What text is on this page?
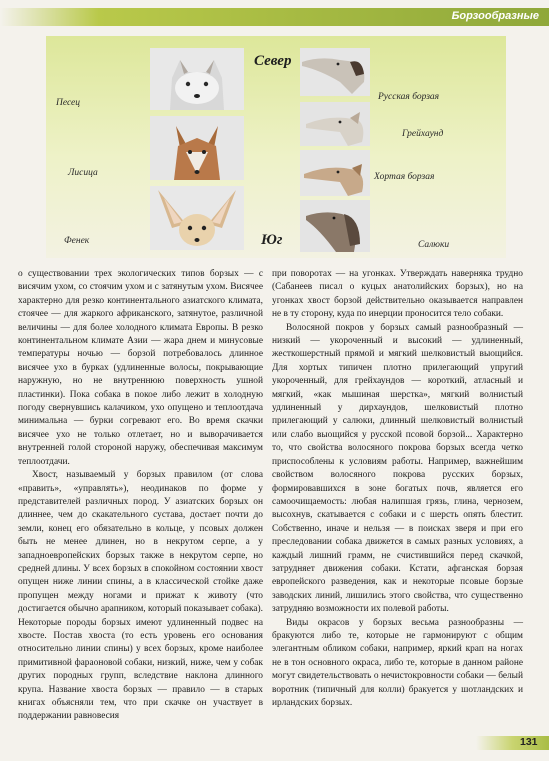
Борзообразные
Север
Юг
Песец
Лисица
Фенек
Русская борзая
Грейхаунд
Хортая борзая
Салюки

о существовании трех экологических типов борзых — с висячим ухом, со стоячим ухом и с затянутым ухом. Висячее характерно для резко континентального азиатского климата, стоячее — для жаркого африканского, затянутое, различной величины — для более холодного климата Европы. В резко континентальном климате Азии — жара днем и минусовые температуры ночью — борзой потребовалось длинное висячее ухо в бурках (удлиненные волосы, покрывающие наружную, но не внутреннюю поверхность ушной пластинки). Пока собака в покое либо лежит в холодную погоду свернувшись калачиком, ухо опущено и теплоотдача минимальна — бурки согревают его. Во время скачки висячее ухо не только отлетает, но и выворачивается внутренней голой стороной наружу, обеспечивая максимум теплоотдачи.

Хвост, называемый у борзых правилом (от слова «править», «управлять»), неодинаков по форме у представителей различных пород. У азиатских борзых он длиннее, чем до скакательного сустава, достает почти до земли, конец его обязательно в кольце, у псовых должен быть не менее длинен, но в некрутом серпе, а у западноевропейских борзых также в некрутом серпе, но средней длины. У всех борзых в спокойном состоянии хвост опущен ниже линии спины, а в классической стойке даже пропущен между ногами и прижат к животу (что достигается обычно арапником, который показывает собака). Некоторые породы борзых имеют удлиненный подвес на хвосте. Постав хвоста (то есть уровень его основания относительно линии спины) у всех борзых, кроме наиболее примитивной фараоновой собаки, низкий, ниже, чем у собак других породных групп, вследствие наклона длинного крупа. Название хвоста борзых — правило — в старых книгах объясняли тем, что при скачке он участвует в поддержании равновесия

при поворотах — на угонках. Утверждать наверняка трудно (Сабанеев писал о куцых анатолийских борзых), но на угонках хвост борзой действительно оказывается направлен не в ту сторону, куда по инерции проносится тело собаки.

Волосяной покров у борзых самый разнообразный — низкий — укороченный и высокий — удлиненный, жесткошерстный прямой и мягкий шелковистый выощийся. Для хортых типичен плотно прилегающий упругий укороченный, для грейхаундов — короткий, атласный и мягкий, «как мышиная шерстка», мягкий волнистый удлиненный у дирхаундов, шелковистый плотно прилегающий у салюки, длинный шелковистый волнистый или слабо выощийся у русской псовой борзой... Характерно то, что свойства волосяного покрова борзых всегда четко приспособлены к условиям работы. Например, важнейшим свойством волосяного покрова русских борзых, формировавшихся в зоне богатых почв, является его самоочищаемость: любая налипшая грязь, глина, чернозем, высохнув, скатывается с собаки и с шерсть опять блестит. Собственно, иначе и нельзя — в поисках зверя и при его преследовании собака движется в самых разных условиях, а каждый лишний грамм, не счистившийся перед скачкой, затрудняет движения собаки. Кстати, афганская борзая европейского разведения, как и некоторые псовые борзые заводских линий, лишились этого свойства, что существенно затрудняю возможности их полевой работы.

Виды окрасов у борзых весьма разнообразны — бракуются либо те, которые не гармонируют с общим элегантным обликом собаки, например, яркий крап на ногах не в тон основного окраса, либо те, которые в данном районе могут свидетельствовать о нечистокровности собаки — белый воротник (типичный для колли) бракуется у шотландских и ирландских борзых.

131
